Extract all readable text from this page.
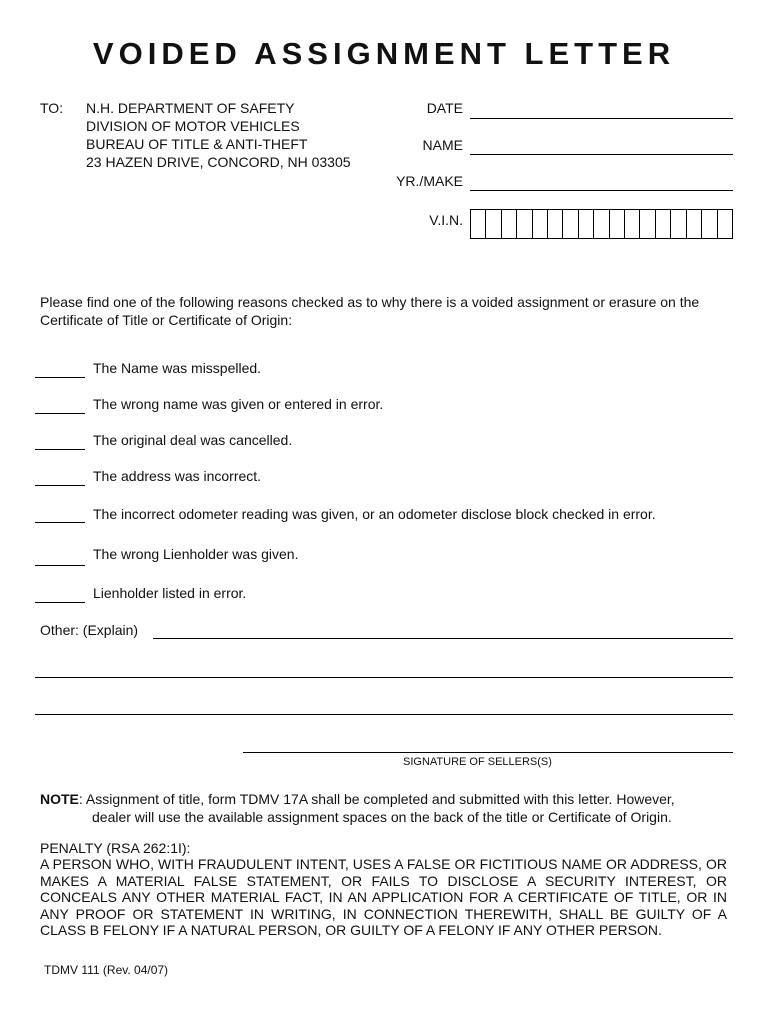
VOIDED ASSIGNMENT LETTER
TO: N.H. DEPARTMENT OF SAFETY
DIVISION OF MOTOR VEHICLES
BUREAU OF TITLE & ANTI-THEFT
23 HAZEN DRIVE, CONCORD, NH 03305
DATE
NAME
YR./MAKE
V.I.N.
Please find one of the following reasons checked as to why there is a voided assignment or erasure on the Certificate of Title or Certificate of Origin:
The Name was misspelled.
The wrong name was given or entered in error.
The original deal was cancelled.
The address was incorrect.
The incorrect odometer reading was given, or an odometer disclose block checked in error.
The wrong Lienholder was given.
Lienholder listed in error.
Other: (Explain)
SIGNATURE OF SELLERS(S)
NOTE: Assignment of title, form TDMV 17A shall be completed and submitted with this letter. However,
dealer will use the available assignment spaces on the back of the title or Certificate of Origin.
PENALTY (RSA 262:1I):
A PERSON WHO, WITH FRAUDULENT INTENT, USES A FALSE OR FICTITIOUS NAME OR ADDRESS, OR MAKES A MATERIAL FALSE STATEMENT, OR FAILS TO DISCLOSE A SECURITY INTEREST, OR CONCEALS ANY OTHER MATERIAL FACT, IN AN APPLICATION FOR A CERTIFICATE OF TITLE, OR IN ANY PROOF OR STATEMENT IN WRITING, IN CONNECTION THEREWITH, SHALL BE GUILTY OF A CLASS B FELONY IF A NATURAL PERSON, OR GUILTY OF A FELONY IF ANY OTHER PERSON.
TDMV 111 (Rev. 04/07)
